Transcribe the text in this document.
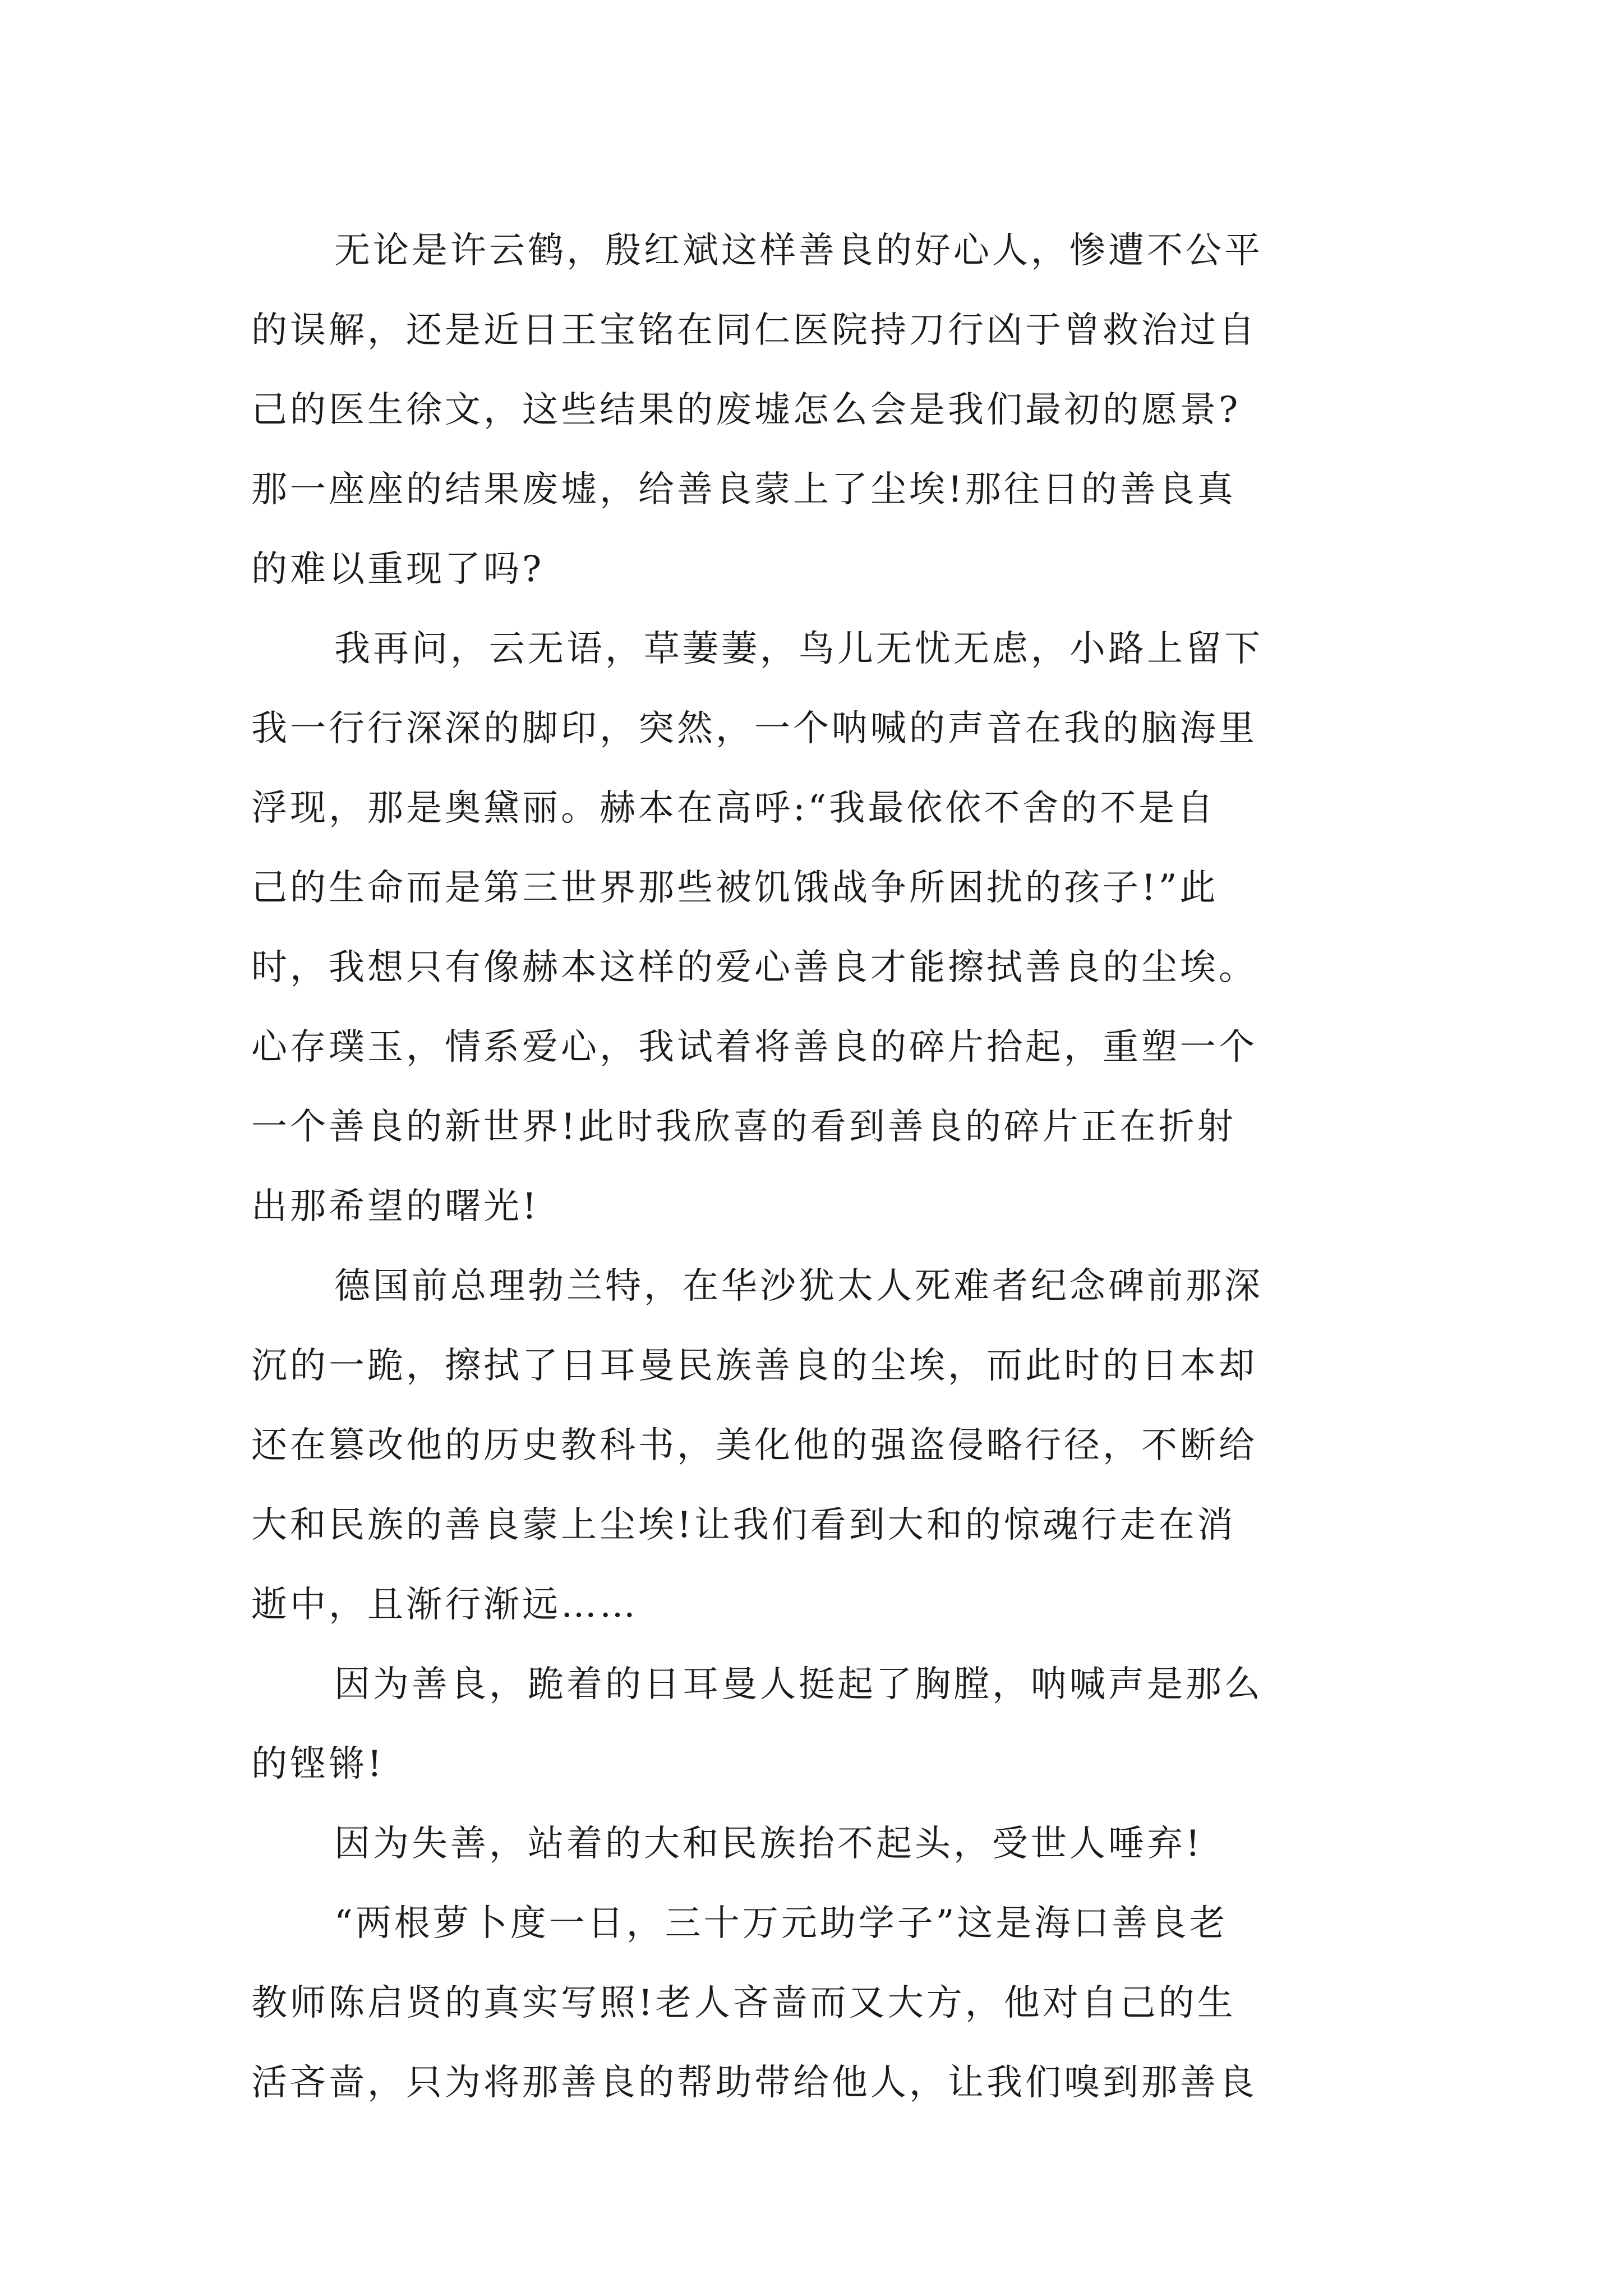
无论是许云鹤，殷红斌这样善良的好心人，惨遭不公平
的误解，还是近日王宝铭在同仁医院持刀行凶于曾救治过自
己的医生徐文，这些结果的废墟怎么会是我们最初的愿景?
那一座座的结果废墟，给善良蒙上了尘埃!那往日的善良真
的难以重现了吗?
我再问，云无语，草萋萋，鸟儿无忧无虑，小路上留下
我一行行深深的脚印，突然，一个呐喊的声音在我的脑海里
浮现，那是奥黛丽。赫本在高呼:“我最依依不舍的不是自
己的生命而是第三世界那些被饥饿战争所困扰的孩子!”此
时，我想只有像赫本这样的爱心善良才能擦拭善良的尘埃。
心存璞玉，情系爱心，我试着将善良的碎片拾起，重塑一个
一个善良的新世界!此时我欣喜的看到善良的碎片正在折射
出那希望的曙光!
德国前总理勃兰特，在华沙犹太人死难者纪念碑前那深
沉的一跪，擦拭了日耳曼民族善良的尘埃，而此时的日本却
还在篡改他的历史教科书，美化他的强盗侵略行径，不断给
大和民族的善良蒙上尘埃!让我们看到大和的惊魂行走在消
逝中，且渐行渐远……
因为善良，跪着的日耳曼人挺起了胸膛，呐喊声是那么
的铿锵!
因为失善，站着的大和民族抬不起头，受世人唾弃!
“两根萝卜度一日，三十万元助学子”这是海口善良老
教师陈启贤的真实写照!老人吝啬而又大方，他对自己的生
活吝啬，只为将那善良的帮助带给他人，让我们嗅到那善良
